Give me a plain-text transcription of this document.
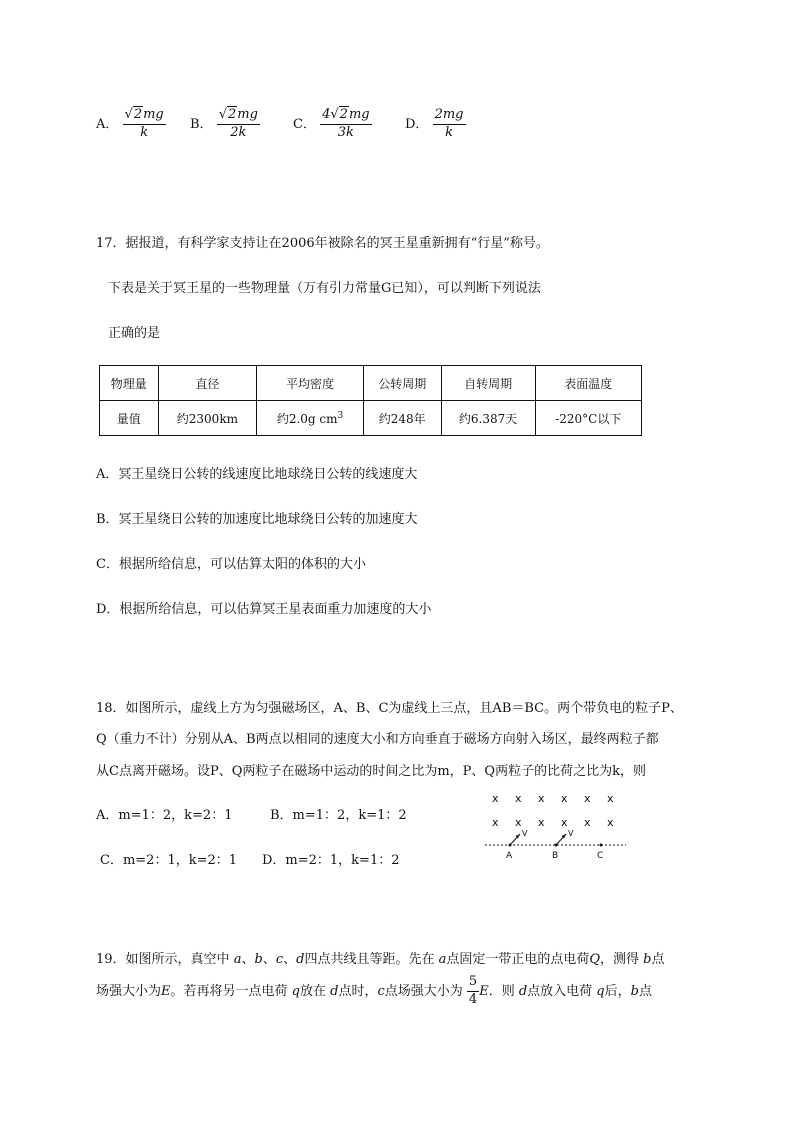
A． $\frac{√2mg}{k}$ B． $\frac{√2mg}{2k}$	C． $\frac{4√2mg}{3k}$	D． $\frac{2mg}{k}$
17．据报道，有科学家支持让在2006年被除名的冥王星重新拥有“行星”称号。
下表是关于冥王星的一些物理量（万有引力常量G已知），可以判断下列说法
正确的是
物理量	直径	平均密度	公转周期	自转周期	表面温度
量值	约2300km	约2.0g $cm^3$	约248年	约6.387天	-220°C以下
A．冥王星绕日公转的线速度比地球绕日公转的线速度大
B．冥王星绕日公转的加速度比地球绕日公转的加速度大
C．根据所给信息，可以估算太阳的体积的大小
D．根据所给信息，可以估算冥王星表面重力加速度的大小
18．如图所示，虚线上方为匀强磁场区，A、B、C为虚线上三点，且AB＝BC。两个带负电的粒子P、
Q（重力不计）分别从A、B两点以相同的速度大小和方向垂直于磁场方向射入场区，最终两粒子都
从C点离开磁场。设P、Q两粒子在磁场中运动的时间之比为m，P、Q两粒子的比荷之比为k，则
A．m=1：2，k=2：1	B．m=1：2，k=1：2
C．m=2：1，k=2：1 D．m=2：1，k=1：2
x x x x x x
x x x x x x
V	V
A	B	C
19．如图所示，真空中 a、b、c、d四点共线且等距。先在 a点固定一带正电的点电荷Q，测得 b点
场强大小为E。若再将另一点电荷 q放在 d点时，c点场强大小为 $\frac{5}{4}$ E．则 d点放入电荷 q后，b点
